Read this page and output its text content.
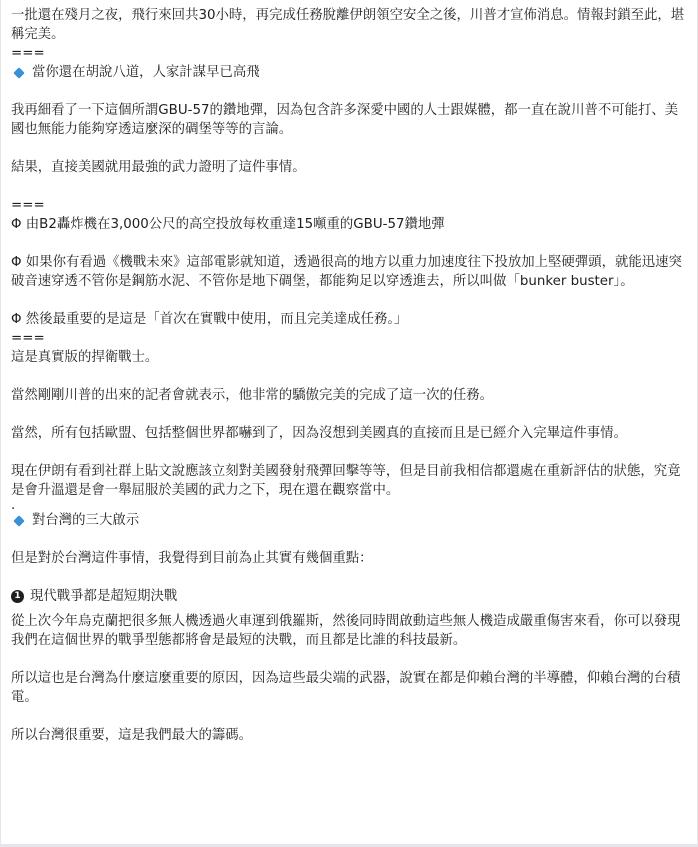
一批還在殘月之夜，飛行來回共30小時，再完成任務脫離伊朗領空安全之後，川普才宣佈消息。情報封鎖至此，堪稱完美。

===

當你還在胡說八道，人家計謀早已高飛

我再細看了一下這個所謂GBU-57的鑽地彈，因為包含許多深愛中國的人士跟媒體，都一直在說川普不可能打、美國也無能力能夠穿透這麼深的碉堡等等的言論。

結果，直接美國就用最強的武力證明了這件事情。

===

Φ 由B2轟炸機在3,000公尺的高空投放每枚重達15噸重的GBU-57鑽地彈

Φ 如果你有看過《機戰未來》這部電影就知道，透過很高的地方以重力加速度往下投放加上堅硬彈頭，就能迅速突破音速穿透不管你是鋼筋水泥、不管你是地下碉堡，都能夠足以穿透進去，所以叫做「bunker buster」。

Φ 然後最重要的是這是「首次在實戰中使用，而且完美達成任務。」

===

這是真實版的捍衛戰士。

當然剛剛川普的出來的記者會就表示，他非常的驕傲完美的完成了這一次的任務。

當然，所有包括歐盟、包括整個世界都嚇到了，因為沒想到美國真的直接而且是已經介入完畢這件事情。

現在伊朗有看到社群上貼文說應該立刻對美國發射飛彈回擊等等，但是目前我相信都還處在重新評估的狀態，究竟是會升溫還是會一舉屈服於美國的武力之下，現在還在觀察當中。

.

對台灣的三大啟示

但是對於台灣這件事情，我覺得到目前為止其實有幾個重點：

1 現代戰爭都是超短期決戰

從上次今年烏克蘭把很多無人機透過火車運到俄羅斯，然後同時間啟動這些無人機造成嚴重傷害來看，你可以發現我們在這個世界的戰爭型態都將會是最短的決戰，而且都是比誰的科技最新。

所以這也是台灣為什麼這麼重要的原因，因為這些最尖端的武器，說實在都是仰賴台灣的半導體，仰賴台灣的台積電。

所以台灣很重要，這是我們最大的籌碼。
